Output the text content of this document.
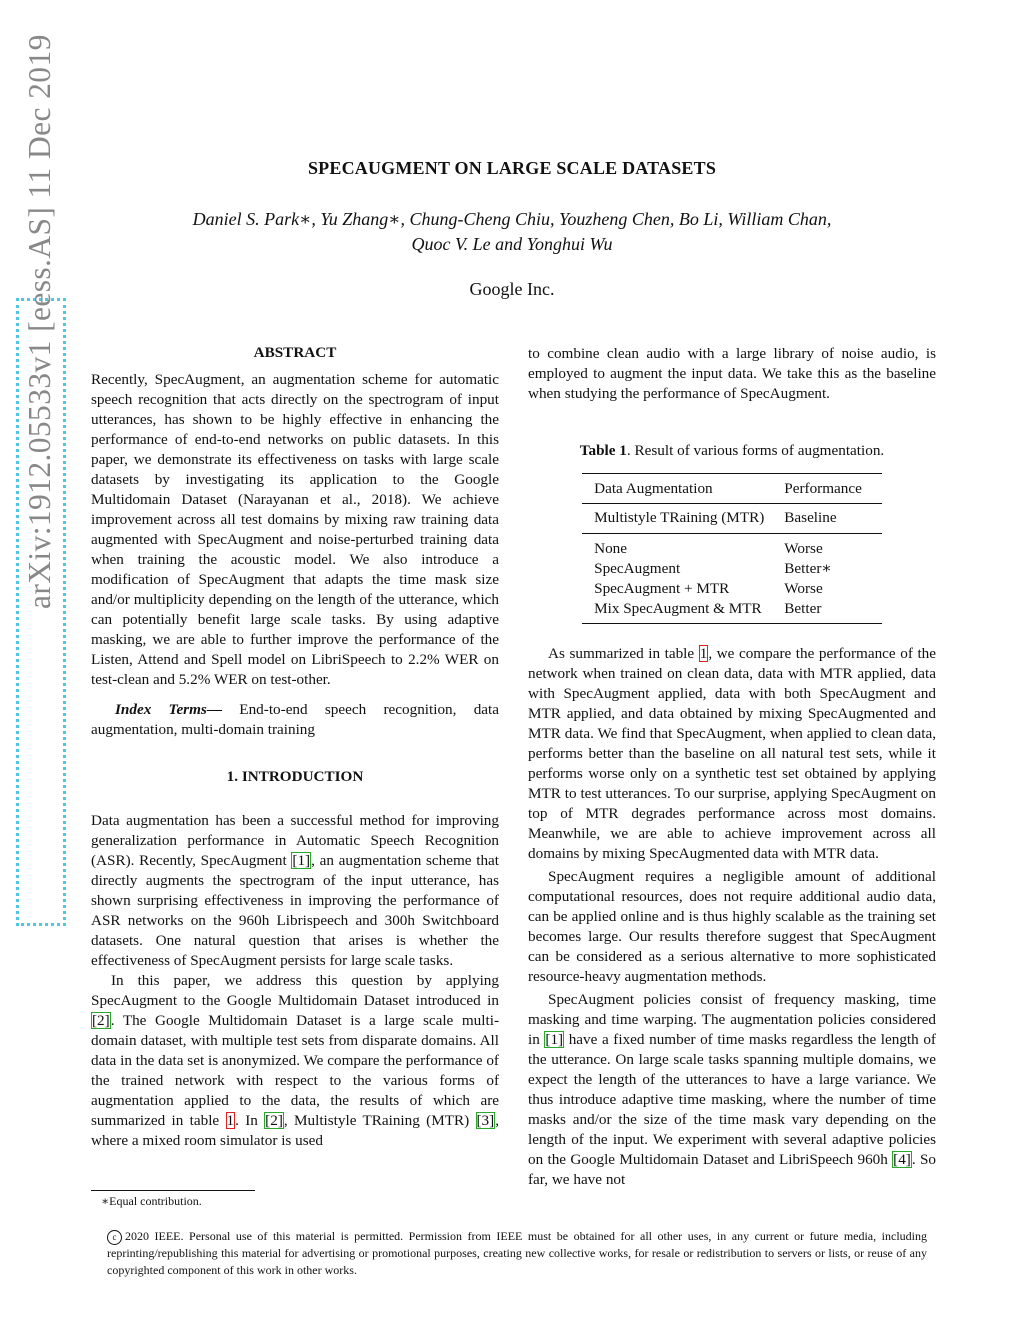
SPECAUGMENT ON LARGE SCALE DATASETS
Daniel S. Park∗, Yu Zhang∗, Chung-Cheng Chiu, Youzheng Chen, Bo Li, William Chan,
Quoc V. Le and Yonghui Wu
Google Inc.
arXiv:1912.05533v1 [eess.AS] 11 Dec 2019	ABSTRACT

Recently, SpecAugment, an augmentation scheme for automatic speech recognition that acts directly on the spectrogram of input utterances, has shown to be highly effective in enhancing the performance of end-to-end networks on public datasets. In this paper, we demonstrate its effectiveness on tasks with large scale datasets by investigating its application to the Google Multidomain Dataset (Narayanan et al., 2018). We achieve improvement across all test domains by mixing raw training data augmented with SpecAugment and noise-perturbed training data when training the acoustic model. We also introduce a modification of SpecAugment that adapts the time mask size and/or multiplicity depending on the length of the utterance, which can potentially benefit large scale tasks. By using adaptive masking, we are able to further improve the performance of the Listen, Attend and Spell model on LibriSpeech to 2.2% WER on test-clean and 5.2% WER on test-other.

Index Terms— End-to-end speech recognition, data augmentation, multi-domain training

1. INTRODUCTION

Data augmentation has been a successful method for improving generalization performance in Automatic Speech Recognition (ASR). Recently, SpecAugment [1], an augmentation scheme that directly augments the spectrogram of the input utterance, has shown surprising effectiveness in improving the performance of ASR networks on the 960h Librispeech and 300h Switchboard datasets. One natural question that arises is whether the effectiveness of SpecAugment persists for large scale tasks.

In this paper, we address this question by applying SpecAugment to the Google Multidomain Dataset introduced in [2]. The Google Multidomain Dataset is a large scale multi-domain dataset, with multiple test sets from disparate domains. All data in the data set is anonymized. We compare the performance of the trained network with respect to the various forms of augmentation applied to the data, the results of which are summarized in table 1. In [2], Multistyle TRaining (MTR) [3], where a mixed room simulator is used

to combine clean audio with a large library of noise audio, is employed to augment the input data. We take this as the baseline when studying the performance of SpecAugment.

Table 1. Result of various forms of augmentation.
Data Augmentation	Performance
Multistyle TRaining (MTR)	Baseline
None	Worse
SpecAugment	Better∗
SpecAugment + MTR	Worse
Mix SpecAugment & MTR	Better

As summarized in table 1, we compare the performance of the network when trained on clean data, data with MTR applied, data with SpecAugment applied, data with both SpecAugment and MTR applied, and data obtained by mixing SpecAugmented and MTR data. We find that SpecAugment, when applied to clean data, performs better than the baseline on all natural test sets, while it performs worse only on a synthetic test set obtained by applying MTR to test utterances. To our surprise, applying SpecAugment on top of MTR degrades performance across most domains. Meanwhile, we are able to achieve improvement across all domains by mixing SpecAugmented data with MTR data.

SpecAugment requires a negligible amount of additional computational resources, does not require additional audio data, can be applied online and is thus highly scalable as the training set becomes large. Our results therefore suggest that SpecAugment can be considered as a serious alternative to more sophisticated resource-heavy augmentation methods.

SpecAugment policies consist of frequency masking, time masking and time warping. The augmentation policies considered in [1] have a fixed number of time masks regardless the length of the utterance. On large scale tasks spanning multiple domains, we expect the length of the utterances to have a large variance. We thus introduce adaptive time masking, where the number of time masks and/or the size of the time mask vary depending on the length of the input. We experiment with several adaptive policies on the Google Multidomain Dataset and LibriSpeech 960h [4]. So far, we have not

∗Equal contribution.
c 2020 IEEE. Personal use of this material is permitted. Permission from IEEE must be obtained for all other uses, in any current or future media, including reprinting/republishing this material for advertising or promotional purposes, creating new collective works, for resale or redistribution to servers or lists, or reuse of any copyrighted component of this work in other works.
